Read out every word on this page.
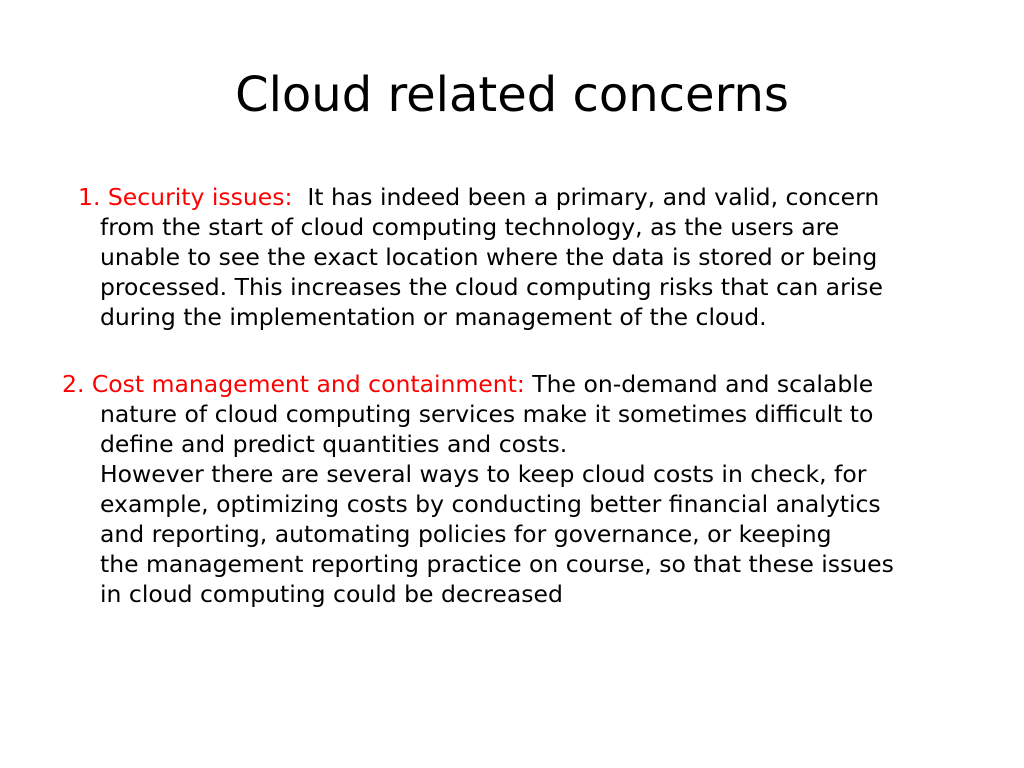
Cloud related concerns
1. Security issues: It has indeed been a primary, and valid, concern
from the start of cloud computing technology, as the users are
unable to see the exact location where the data is stored or being
processed. This increases the cloud computing risks that can arise
during the implementation or management of the cloud.
2. Cost management and containment: The on-demand and scalable
nature of cloud computing services make it sometimes difficult to
define and predict quantities and costs.
However there are several ways to keep cloud costs in check, for
example, optimizing costs by conducting better financial analytics
and reporting, automating policies for governance, or keeping
the management reporting practice on course, so that these issues
in cloud computing could be decreased
